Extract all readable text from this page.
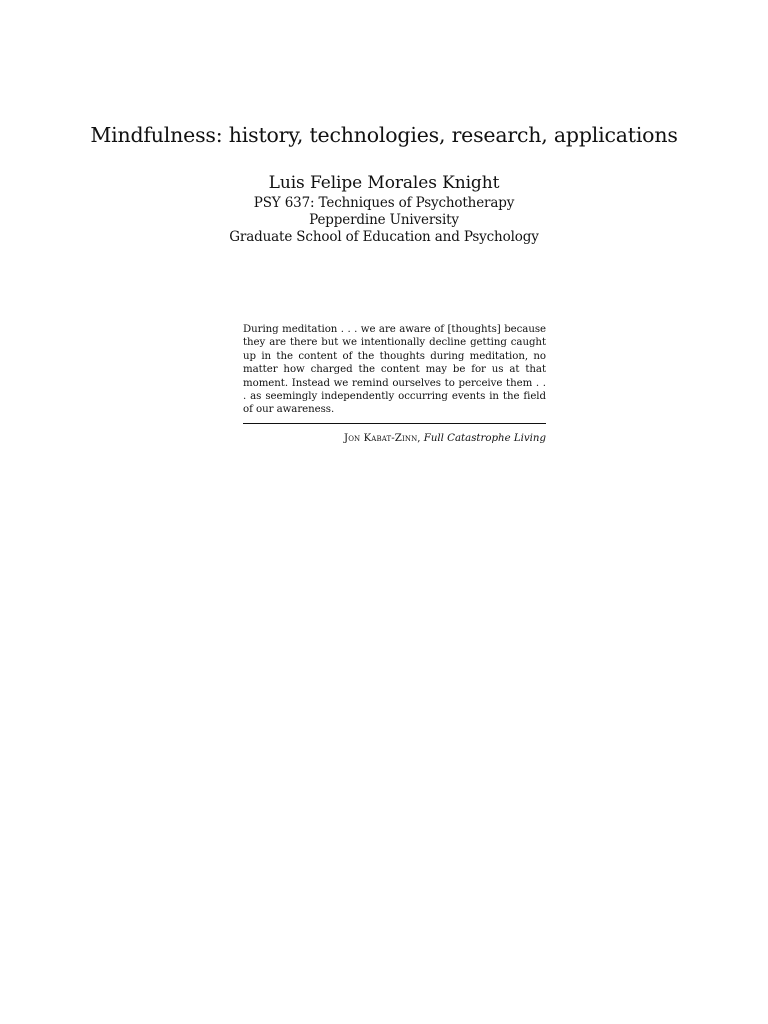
Mindfulness: history, technologies, research, applications

Luis Felipe Morales Knight

PSY 637: Techniques of Psychotherapy

Pepperdine University

Graduate School of Education and Psychology

During meditation . . . we are aware of [thoughts] because they are there but we intentionally decline getting caught up in the content of the thoughts during meditation, no matter how charged the content may be for us at that moment. Instead we remind ourselves to perceive them . . . as seemingly independently occurring events in the field of our awareness.

Jon Kabat-Zinn, Full Catastrophe Living
